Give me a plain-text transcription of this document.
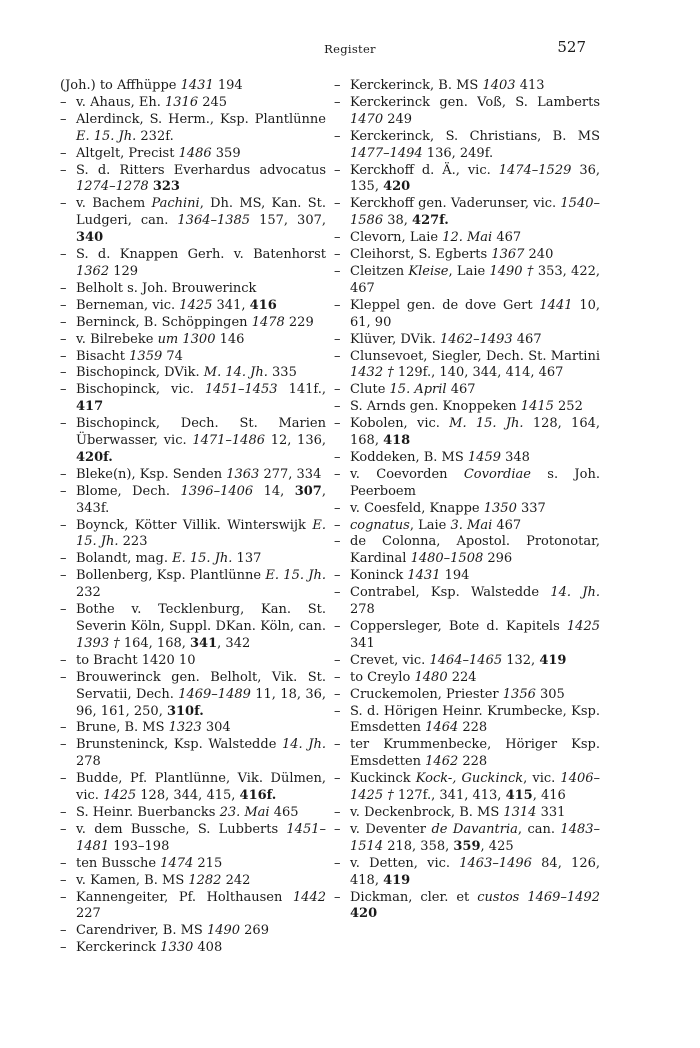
Register	527
(Joh.) to Affhüppe 1431 194
– v. Ahaus, Eh. 1316 245
– Alerdinck, S. Herm., Ksp. Plantlünne E. 15. Jh. 232f.
– Altgelt, Precist 1486 359
– S. d. Ritters Everhardus advocatus 1274–1278 323
– v. Bachem Pachini, Dh. MS, Kan. St. Ludgeri, can. 1364–1385 157, 307, 340
– S. d. Knappen Gerh. v. Batenhorst 1362 129
– Belholt s. Joh. Brouwerinck
– Berneman, vic. 1425 341, 416
– Berninck, B. Schöppingen 1478 229
– v. Bilrebeke um 1300 146
– Bisacht 1359 74
– Bischopinck, DVik. M. 14. Jh. 335
– Bischopinck, vic. 1451–1453 141f., 417
– Bischopinck, Dech. St. Marien Überwasser, vic. 1471–1486 12, 136, 420f.
– Bleke(n), Ksp. Senden 1363 277, 334
– Blome, Dech. 1396–1406 14, 307, 343f.
– Boynck, Kötter Villik. Winterswijk E. 15. Jh. 223
– Bolandt, mag. E. 15. Jh. 137
– Bollenberg, Ksp. Plantlünne E. 15. Jh. 232
– Bothe v. Tecklenburg, Kan. St. Severin Köln, Suppl. DKan. Köln, can. 1393 † 164, 168, 341, 342
– to Bracht 1420 10
– Brouwerinck gen. Belholt, Vik. St. Servatii, Dech. 1469–1489 11, 18, 36, 96, 161, 250, 310f.
– Brune, B. MS 1323 304
– Brunsteninck, Ksp. Walstedde 14. Jh. 278
– Budde, Pf. Plantlünne, Vik. Dülmen, vic. 1425 128, 344, 415, 416f.
– S. Heinr. Buerbancks 23. Mai 465
– v. dem Bussche, S. Lubberts 1451–1481 193–198
– ten Bussche 1474 215
– v. Kamen, B. MS 1282 242
– Kannengeiter, Pf. Holthausen 1442 227
– Carendriver, B. MS 1490 269
– Kerckerinck 1330 408
– Kerckerinck, B. MS 1403 413
– Kerckerinck gen. Voß, S. Lamberts 1470 249
– Kerckerinck, S. Christians, B. MS 1477–1494 136, 249f.
– Kerckhoff d. Ä., vic. 1474–1529 36, 135, 420
– Kerckhoff gen. Vaderunser, vic. 1540–1586 38, 427f.
– Clevorn, Laie 12. Mai 467
– Cleihorst, S. Egberts 1367 240
– Cleitzen Kleise, Laie 1490 † 353, 422, 467
– Kleppel gen. de dove Gert 1441 10, 61, 90
– Klüver, DVik. 1462–1493 467
– Clunsevoet, Siegler, Dech. St. Martini 1432 † 129f., 140, 344, 414, 467
– Clute 15. April 467
– S. Arnds gen. Knoppeken 1415 252
– Kobolen, vic. M. 15. Jh. 128, 164, 168, 418
– Koddeken, B. MS 1459 348
– v. Coevorden Covordiae s. Joh. Peerboem
– v. Coesfeld, Knappe 1350 337
– cognatus, Laie 3. Mai 467
– de Colonna, Apostol. Protonotar, Kardinal 1480–1508 296
– Koninck 1431 194
– Contrabel, Ksp. Walstedde 14. Jh. 278
– Coppersleger, Bote d. Kapitels 1425 341
– Crevet, vic. 1464–1465 132, 419
– to Creylo 1480 224
– Cruckemolen, Priester 1356 305
– S. d. Hörigen Heinr. Krumbecke, Ksp. Emsdetten 1464 228
– ter Krummenbecke, Höriger Ksp. Emsdetten 1462 228
– Kuckinck Kock-, Guckinck, vic. 1406–1425 † 127f., 341, 413, 415, 416
– v. Deckenbrock, B. MS 1314 331
– v. Deventer de Davantria, can. 1483–1514 218, 358, 359, 425
– v. Detten, vic. 1463–1496 84, 126, 418, 419
– Dickman, cler. et custos 1469–1492 420
